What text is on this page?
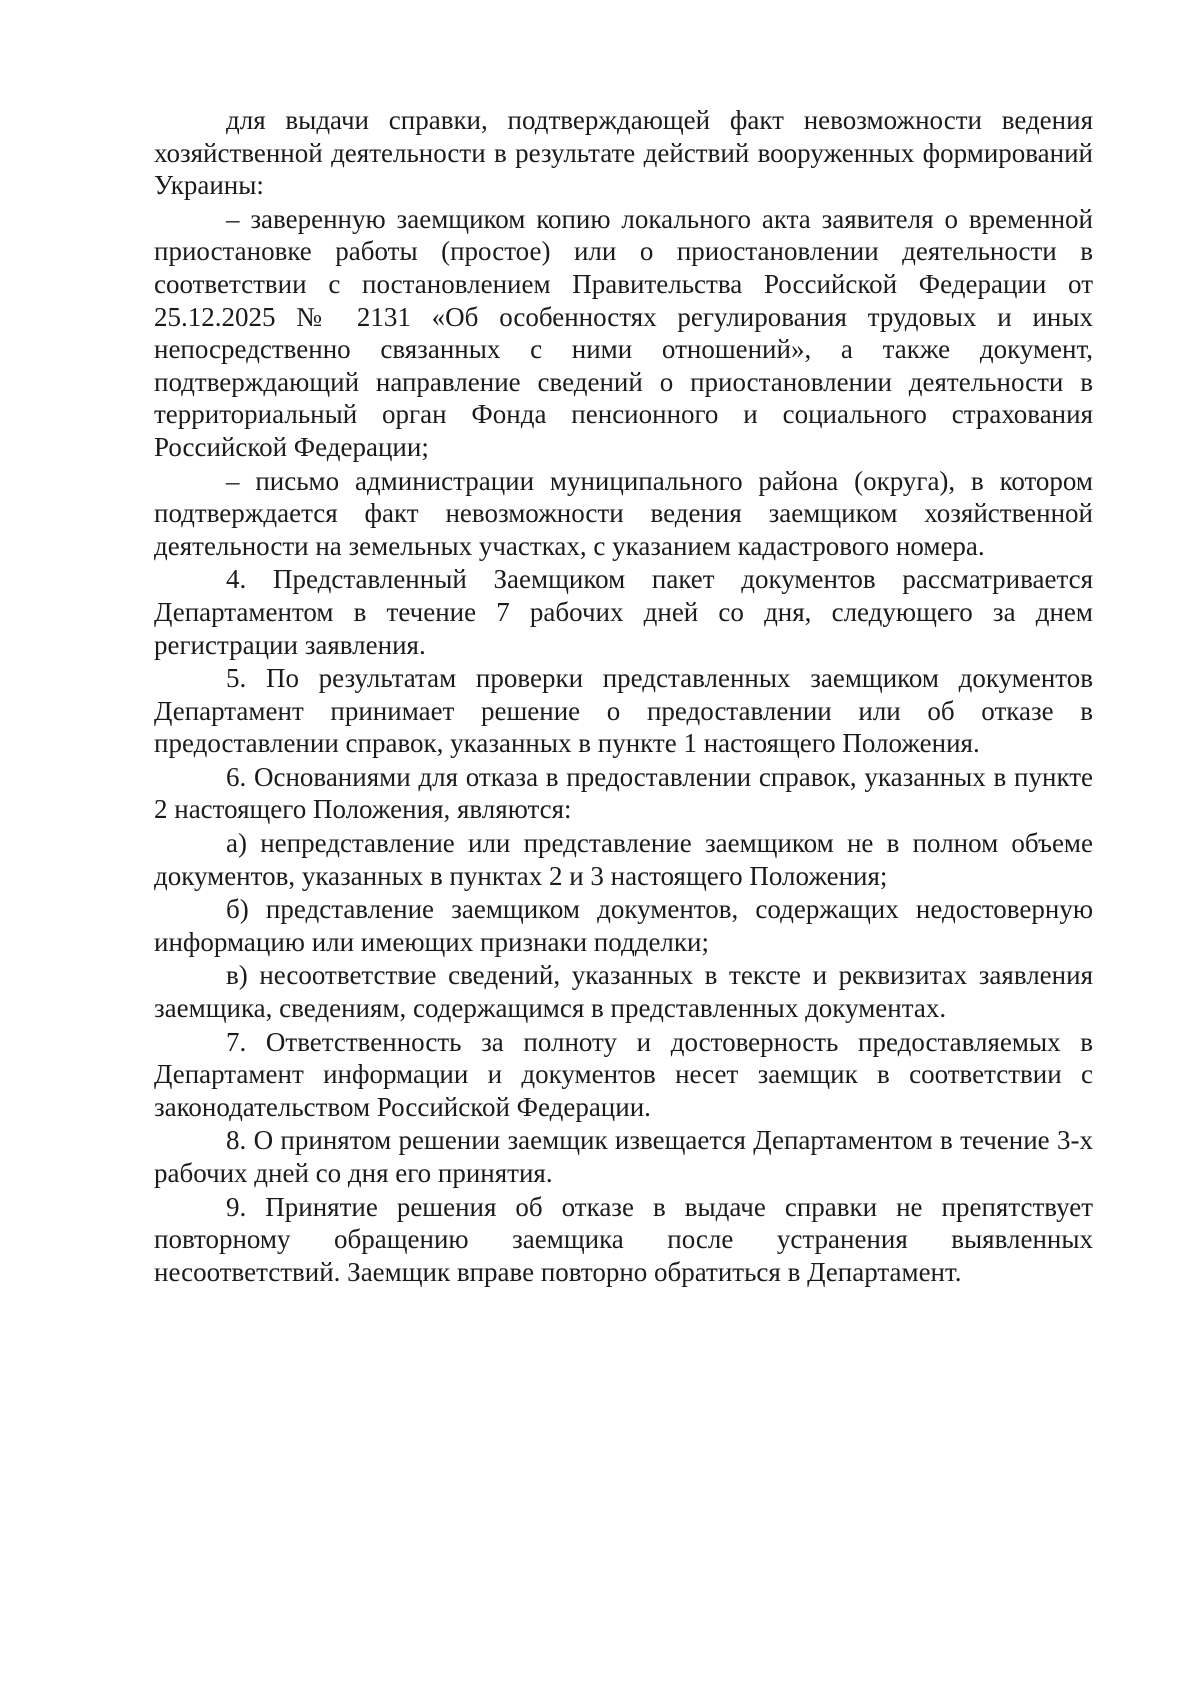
для выдачи справки, подтверждающей факт невозможности ведения хозяйственной деятельности в результате действий вооруженных формирований Украины:

– заверенную заемщиком копию локального акта заявителя о временной приостановке работы (простое) или о приостановлении деятельности в соответствии с постановлением Правительства Российской Федерации от 25.12.2025 № 2131 «Об особенностях регулирования трудовых и иных непосредственно связанных с ними отношений», а также документ, подтверждающий направление сведений о приостановлении деятельности в территориальный орган Фонда пенсионного и социального страхования Российской Федерации;

– письмо администрации муниципального района (округа), в котором подтверждается факт невозможности ведения заемщиком хозяйственной деятельности на земельных участках, с указанием кадастрового номера.

4. Представленный Заемщиком пакет документов рассматривается Департаментом в течение 7 рабочих дней со дня, следующего за днем регистрации заявления.

5. По результатам проверки представленных заемщиком документов Департамент принимает решение о предоставлении или об отказе в предоставлении справок, указанных в пункте 1 настоящего Положения.

6. Основаниями для отказа в предоставлении справок, указанных в пункте 2 настоящего Положения, являются:

а) непредставление или представление заемщиком не в полном объеме документов, указанных в пунктах 2 и 3 настоящего Положения;

б) представление заемщиком документов, содержащих недостоверную информацию или имеющих признаки подделки;

в) несоответствие сведений, указанных в тексте и реквизитах заявления заемщика, сведениям, содержащимся в представленных документах.

7. Ответственность за полноту и достоверность предоставляемых в Департамент информации и документов несет заемщик в соответствии с законодательством Российской Федерации.

8. О принятом решении заемщик извещается Департаментом в течение 3-х рабочих дней со дня его принятия.

9. Принятие решения об отказе в выдаче справки не препятствует повторному обращению заемщика после устранения выявленных несоответствий. Заемщик вправе повторно обратиться в Департамент.
